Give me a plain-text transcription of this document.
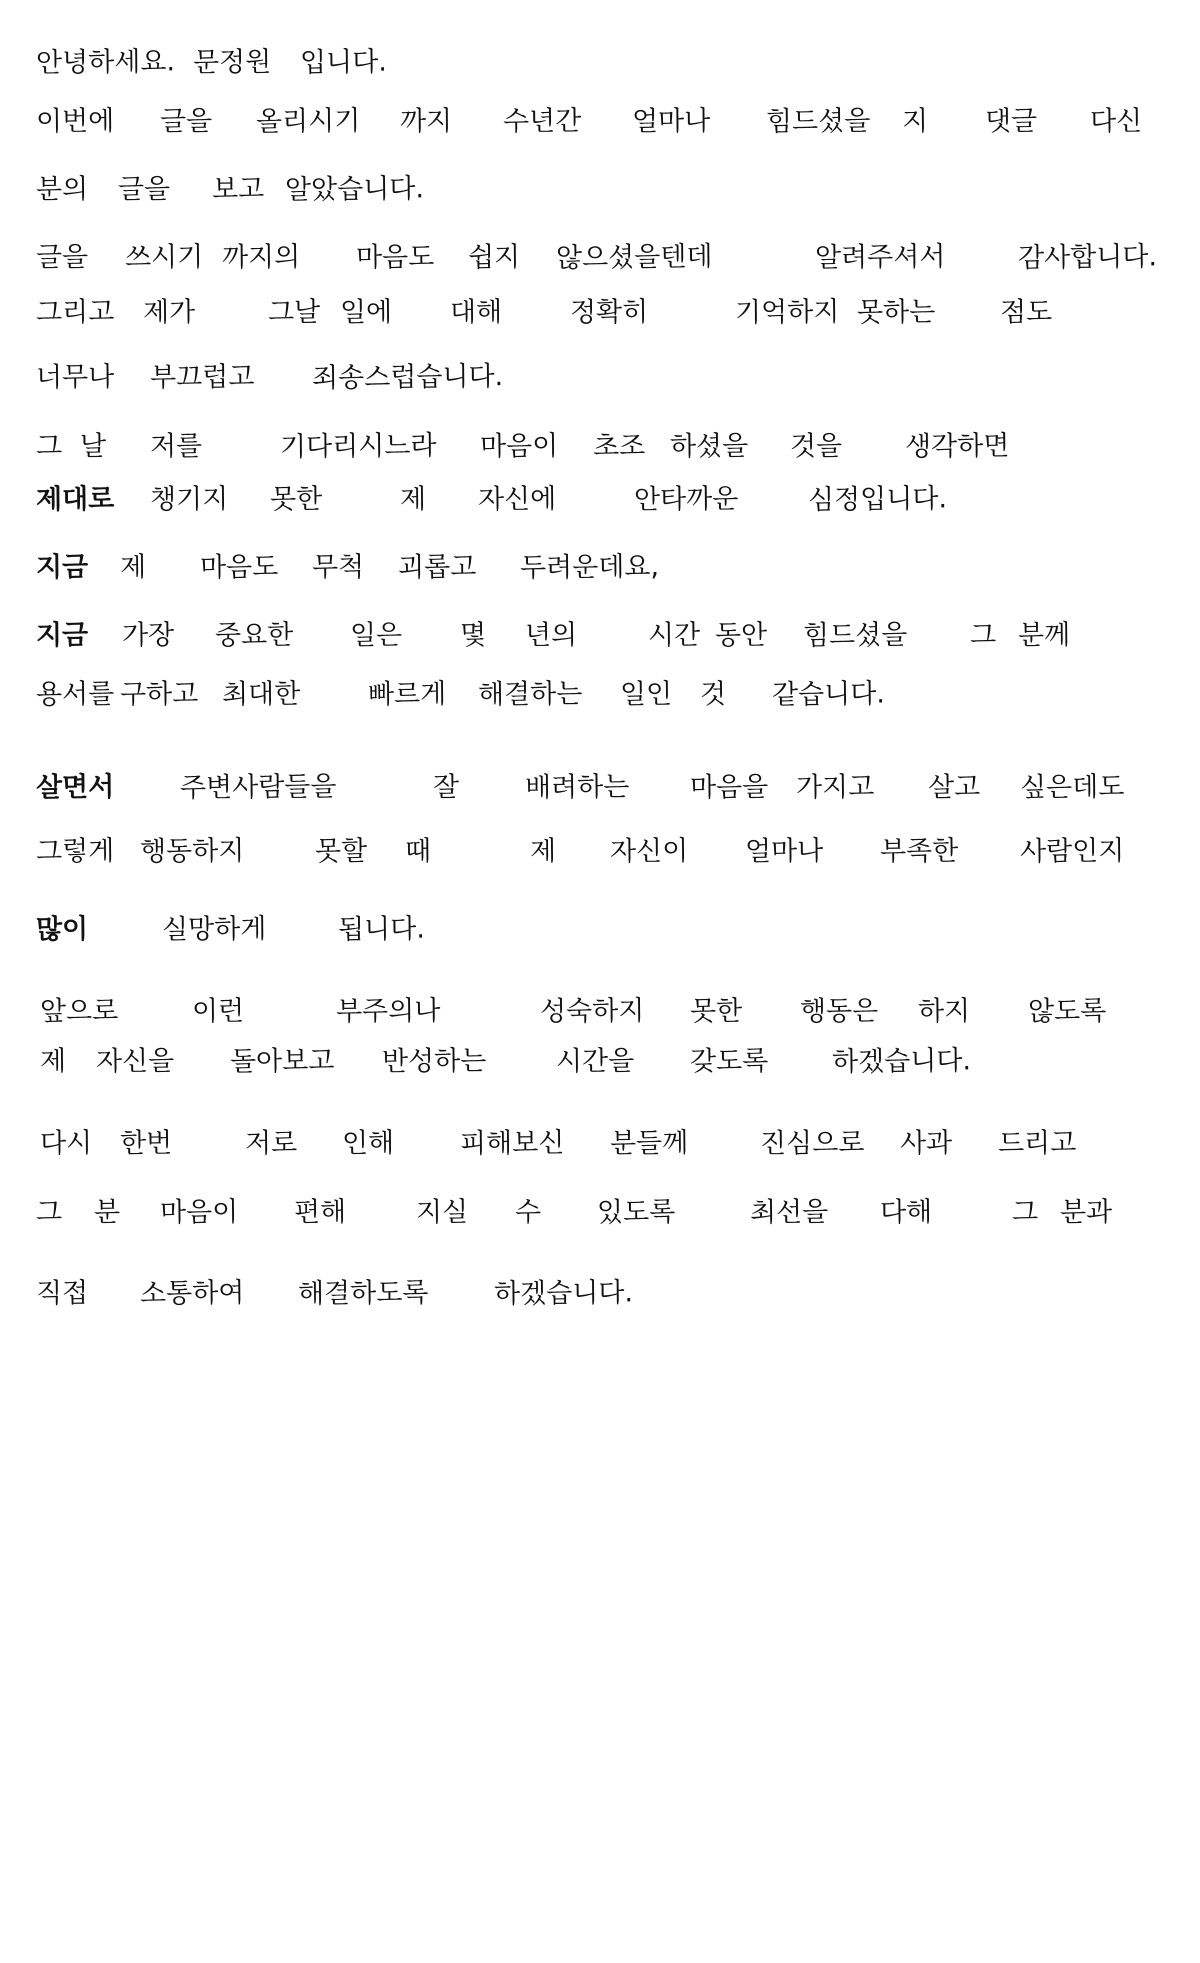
안녕하세요.

문정원

입니다.

이번에

글을

올리시기

까지

수년간

얼마나

힘드셨을

지

댓글

다신

분의

글을

보고

알았습니다.

글을

쓰시기

까지의

마음도

쉽지

않으셨을텐데

	알려주셔서

	감사합니다.

그리고

제가

	그날

일에

대해

	정확히

	기억하지

못하는

점도

너무나

부끄럽고

죄송스럽습니다.

그

날

저를

	기다리시느라

마음이

초조

하셨을

것을

생각하면

제대로

챙기지

못한

	제

자신에

	안타까운

	심정입니다.

지금

제

마음도

무척

괴롭고

두려운데요,

지금

가장

중요한

일은

몇

년의

	시간

동안

힘드셨을

그

분께

용서를

구하고

최대한

빠르게

해결하는

일인

것

같습니다.

살면서

주변사람들을

	잘

배려하는

마음을

가지고

살고

싶은데도

그렇게

행동하지

	못할

때

	제

자신이

얼마나

부족한

사람인지

많이

	실망하게

	됩니다.

앞으로

	이런

	부주의나

	성숙하지

못한

행동은

하지

않도록

제

자신을

돌아보고

반성하는

	시간을

갖도록

하겠습니다.

다시

한번

	저로

인해

피해보신

분들께

	진심으로

사과

드리고

그

분

마음이

편해

	지실

수

있도록

	최선을

다해

	그

분과

직접

소통하여

해결하도록

하겠습니다.
